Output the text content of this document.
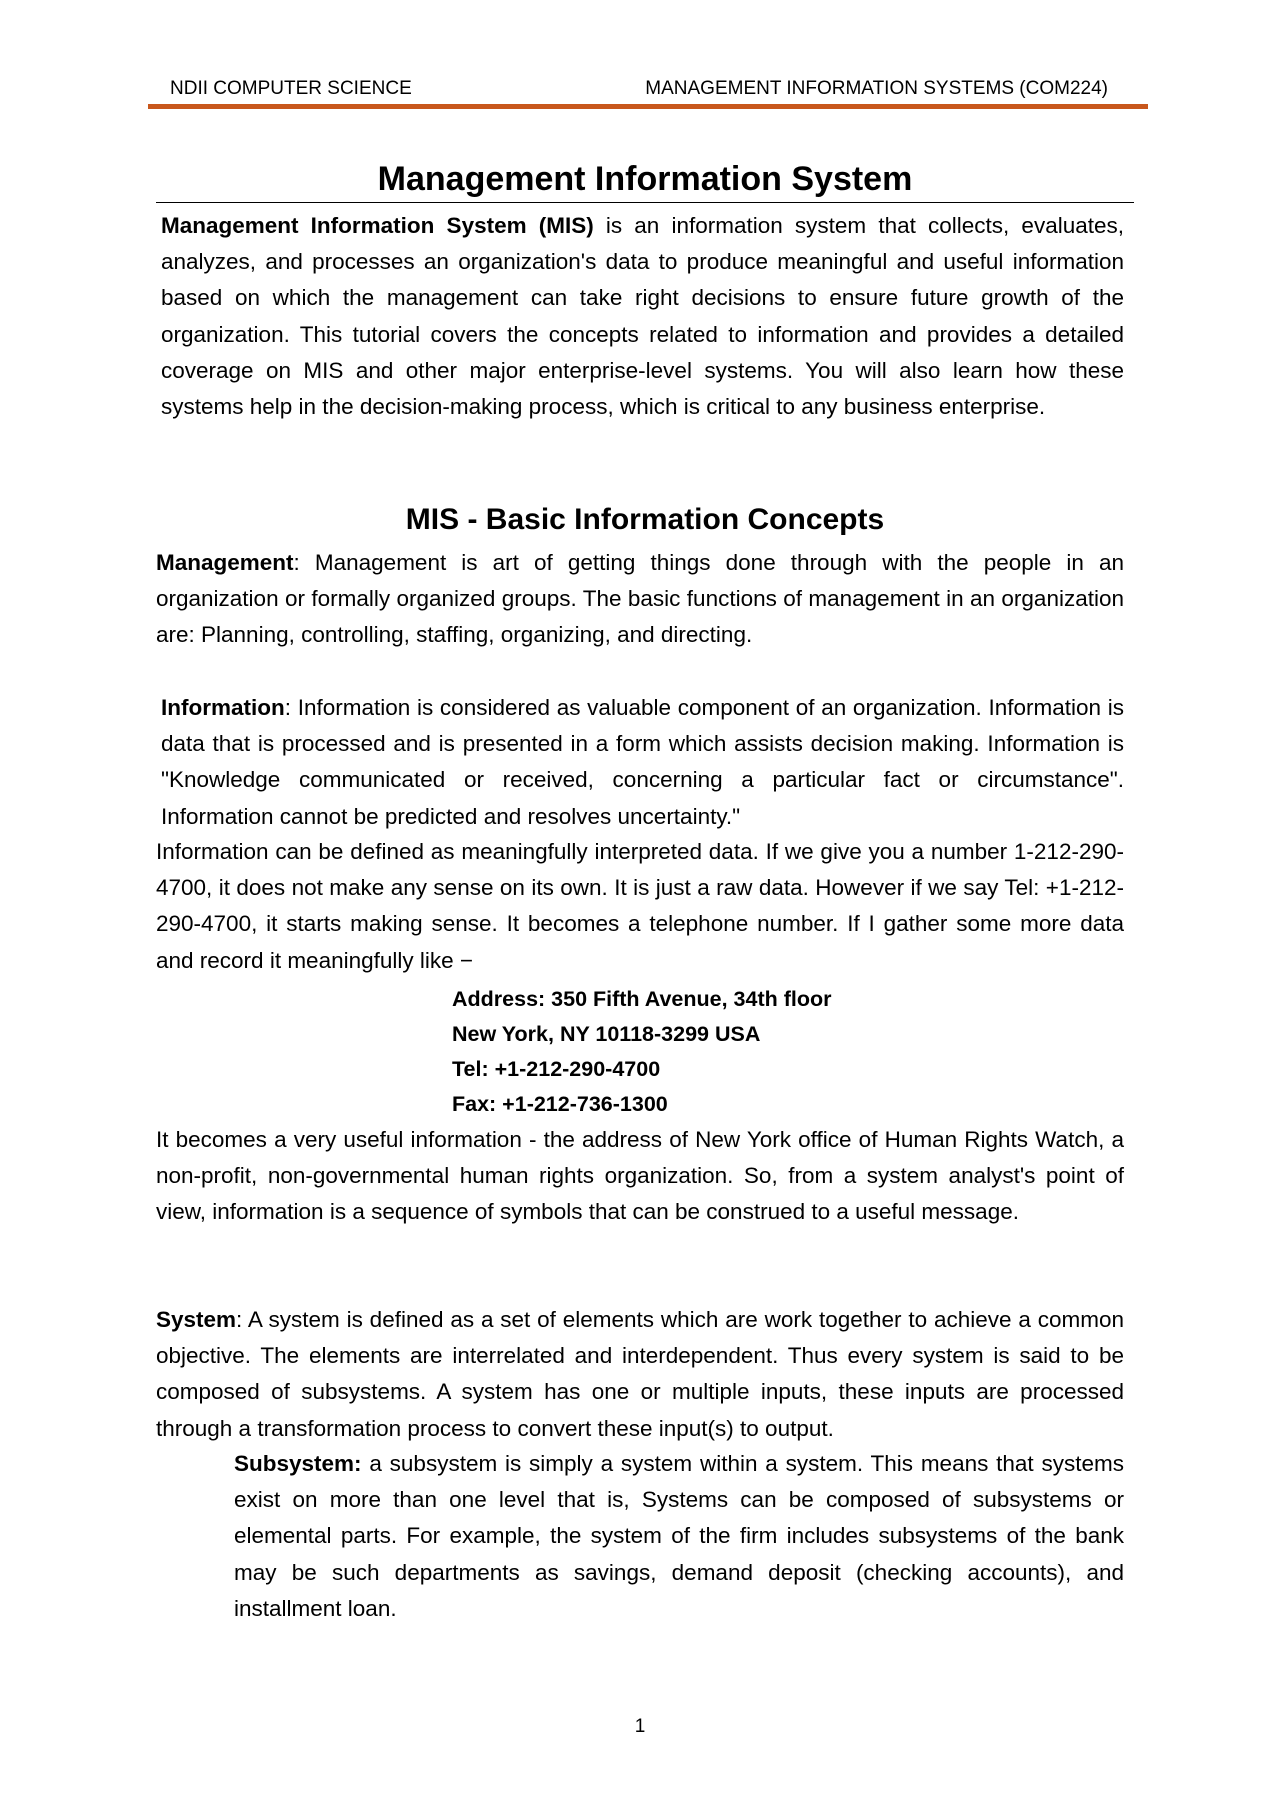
NDII COMPUTER SCIENCE	MANAGEMENT INFORMATION SYSTEMS (COM224)
Management Information System

Management Information System (MIS) is an information system that collects, evaluates, analyzes, and processes an organization's data to produce meaningful and useful information based on which the management can take right decisions to ensure future growth of the organization. This tutorial covers the concepts related to information and provides a detailed coverage on MIS and other major enterprise-level systems. You will also learn how these systems help in the decision-making process, which is critical to any business enterprise.

MIS - Basic Information Concepts

Management: Management is art of getting things done through with the people in an organization or formally organized groups. The basic functions of management in an organization are: Planning, controlling, staffing, organizing, and directing.

Information: Information is considered as valuable component of an organization. Information is data that is processed and is presented in a form which assists decision making. Information is "Knowledge communicated or received, concerning a particular fact or circumstance". Information cannot be predicted and resolves uncertainty."

Information can be defined as meaningfully interpreted data. If we give you a number 1-212-290-4700, it does not make any sense on its own. It is just a raw data. However if we say Tel: +1-212-290-4700, it starts making sense. It becomes a telephone number. If I gather some more data and record it meaningfully like −

Address: 350 Fifth Avenue, 34th floor
New York, NY 10118-3299 USA
Tel: +1-212-290-4700
Fax: +1-212-736-1300

It becomes a very useful information - the address of New York office of Human Rights Watch, a non-profit, non-governmental human rights organization. So, from a system analyst's point of view, information is a sequence of symbols that can be construed to a useful message.

System: A system is defined as a set of elements which are work together to achieve a common objective. The elements are interrelated and interdependent. Thus every system is said to be composed of subsystems. A system has one or multiple inputs, these inputs are processed through a transformation process to convert these input(s) to output.

Subsystem: a subsystem is simply a system within a system. This means that systems exist on more than one level that is, Systems can be composed of subsystems or elemental parts. For example, the system of the firm includes subsystems of the bank may be such departments as savings, demand deposit (checking accounts), and installment loan.

1
